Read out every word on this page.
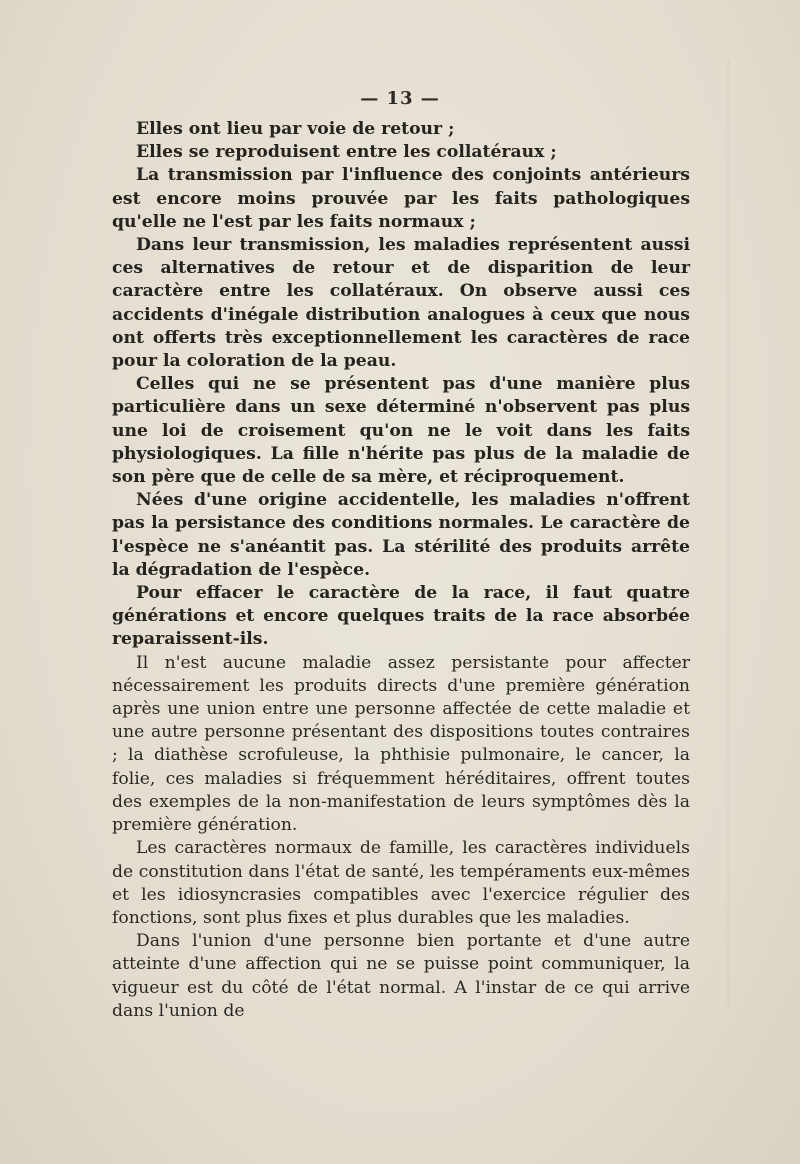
— 13 —

Elles ont lieu par voie de retour ;

Elles se reproduisent entre les collatéraux ;

La transmission par l'influence des conjoints antérieurs est encore moins prouvée par les faits pathologiques qu'elle ne l'est par les faits normaux ;

Dans leur transmission, les maladies représentent aussi ces alternatives de retour et de disparition de leur caractère entre les collatéraux. On observe aussi ces accidents d'inégale distribution analogues à ceux que nous ont offerts très exceptionnellement les caractères de race pour la coloration de la peau.

Celles qui ne se présentent pas d'une manière plus particulière dans un sexe déterminé n'observent pas plus une loi de croisement qu'on ne le voit dans les faits physiologiques. La fille n'hérite pas plus de la maladie de son père que de celle de sa mère, et réciproquement.

Nées d'une origine accidentelle, les maladies n'offrent pas la persistance des conditions normales. Le caractère de l'espèce ne s'anéantit pas. La stérilité des produits arrête la dégradation de l'espèce.

Pour effacer le caractère de la race, il faut quatre générations et encore quelques traits de la race absorbée reparaissent-ils.

Il n'est aucune maladie assez persistante pour affecter nécessairement les produits directs d'une première génération après une union entre une personne affectée de cette maladie et une autre personne présentant des dispositions toutes contraires ; la diathèse scrofuleuse, la phthisie pulmonaire, le cancer, la folie, ces maladies si fréquemment héréditaires, offrent toutes des exemples de la non-manifestation de leurs symptômes dès la première génération.

Les caractères normaux de famille, les caractères individuels de constitution dans l'état de santé, les tempéraments eux-mêmes et les idiosyncrasies compatibles avec l'exercice régulier des fonctions, sont plus fixes et plus durables que les maladies.

Dans l'union d'une personne bien portante et d'une autre atteinte d'une affection qui ne se puisse point communiquer, la vigueur est du côté de l'état normal. A l'instar de ce qui arrive dans l'union de
